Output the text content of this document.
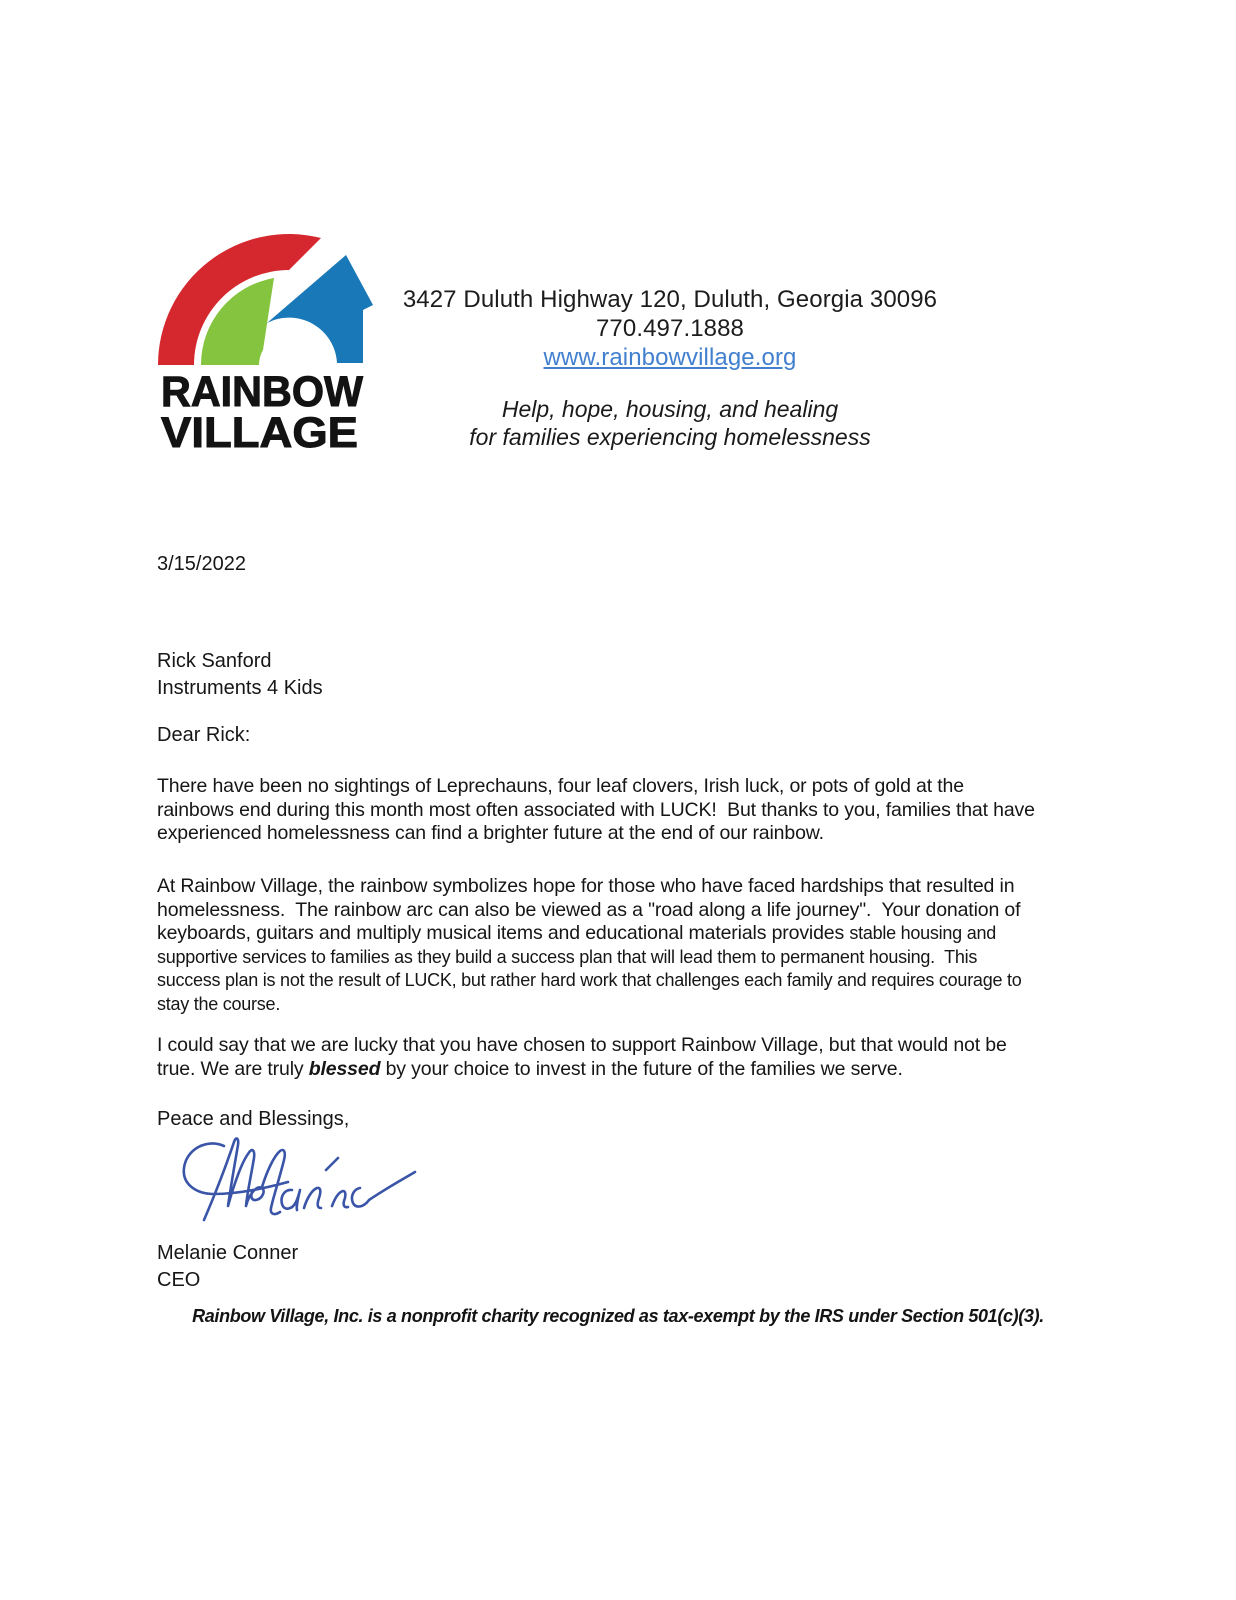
RAINBOW
VILLAGE
3427 Duluth Highway 120, Duluth, Georgia 30096
770.497.1888
www.rainbowvillage.org
Help, hope, housing, and healing
for families experiencing homelessness
3/15/2022
Rick Sanford
Instruments 4 Kids
Dear Rick:

There have been no sightings of Leprechauns, four leaf clovers, Irish luck, or pots of gold at the rainbows end during this month most often associated with LUCK!  But thanks to you, families that have experienced homelessness can find a brighter future at the end of our rainbow.

At Rainbow Village, the rainbow symbolizes hope for those who have faced hardships that resulted in homelessness.  The rainbow arc can also be viewed as a "road along a life journey".  Your donation of keyboards, guitars and multiply musical items and educational materials provides stable housing and supportive services to families as they build a success plan that will lead them to permanent housing.  This success plan is not the result of LUCK, but rather hard work that challenges each family and requires courage to stay the course.

I could say that we are lucky that you have chosen to support Rainbow Village, but that would not be true. We are truly blessed by your choice to invest in the future of the families we serve.

Peace and Blessings,
Melanie Conner
CEO
Rainbow Village, Inc. is a nonprofit charity recognized as tax-exempt by the IRS under Section 501(c)(3).
